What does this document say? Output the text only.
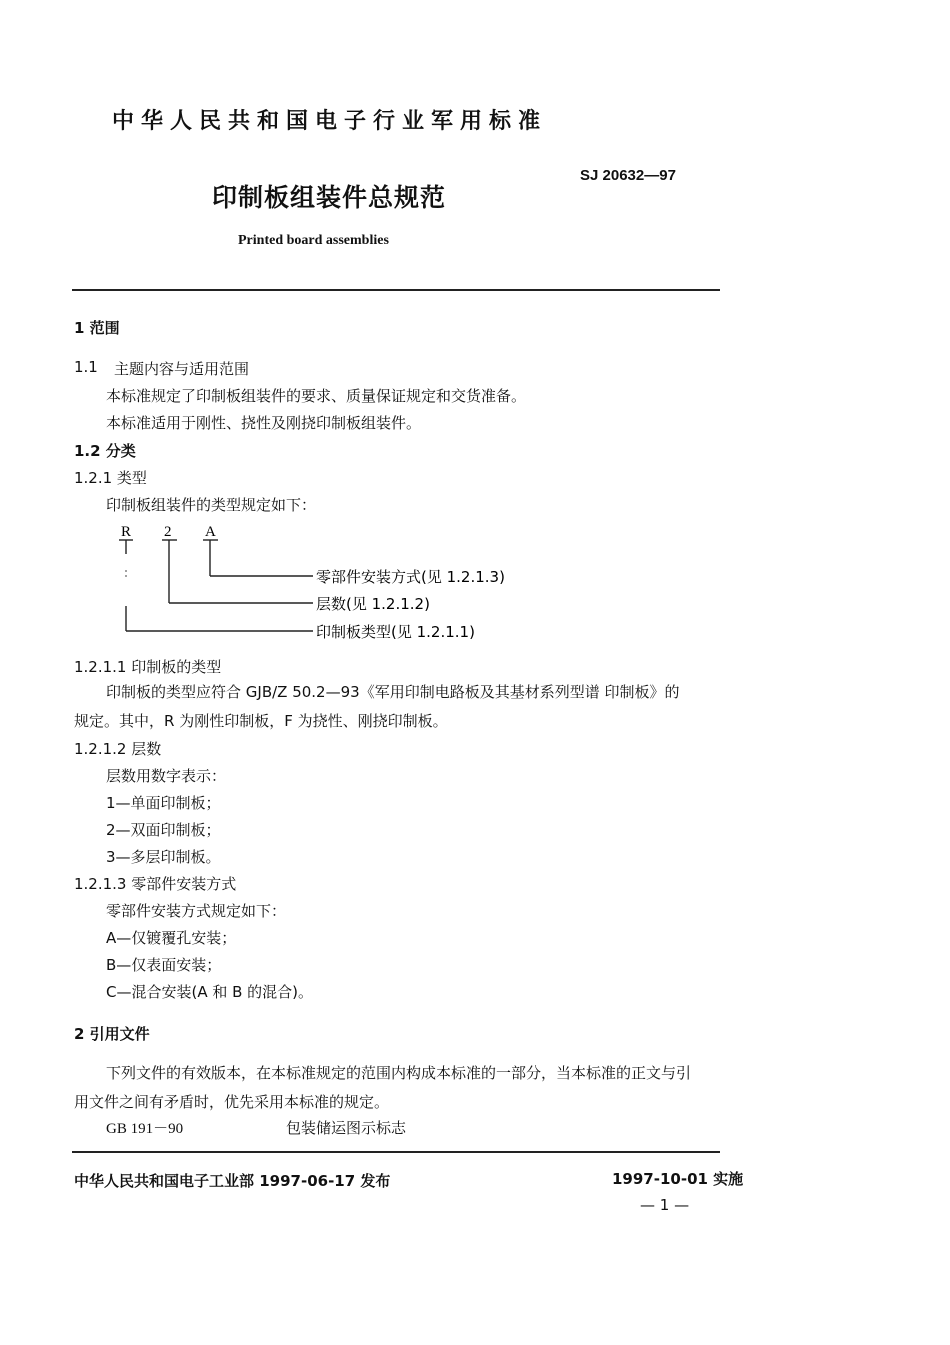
中华人民共和国电子行业军用标准
印制板组装件总规范
SJ 20632—97
Printed board assemblies
1 范围
1.1 主题内容与适用范围
本标准规定了印制板组装件的要求、质量保证规定和交货准备。
本标准适用于刚性、挠性及刚挠印制板组装件。
1.2 分类
1.2.1 类型
印制板组装件的类型规定如下：
R 2 A
零部件安装方式(见 1.2.1.3)
层数(见 1.2.1.2)
印制板类型(见 1.2.1.1)
1.2.1.1 印制板的类型
印制板的类型应符合 GJB/Z 50.2—93《军用印制电路板及其基材系列型谱 印制板》的
规定。其中，R 为刚性印制板，F 为挠性、刚挠印制板。
1.2.1.2 层数
层数用数字表示：
1—单面印制板；
2—双面印制板；
3—多层印制板。
1.2.1.3 零部件安装方式
零部件安装方式规定如下：
A—仅镀覆孔安装；
B—仅表面安装；
C—混合安装(A 和 B 的混合)。
2 引用文件
下列文件的有效版本，在本标准规定的范围内构成本标准的一部分，当本标准的正文与引
用文件之间有矛盾时，优先采用本标准的规定。
GB 191－90	包装储运图示标志
中华人民共和国电子工业部 1997-06-17 发布	1997-10-01 实施
— 1 —
